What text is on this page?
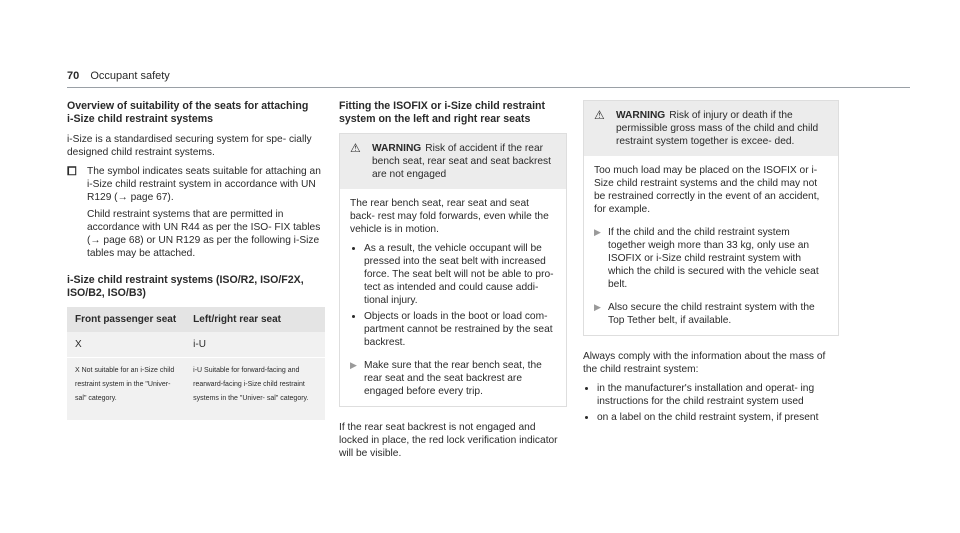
70 Occupant safety
Overview of suitability of the seats for attaching i‑Size child restraint systems

i-Size is a standardised securing system for spe- cially designed child restraint systems.

⧠	The symbol indicates seats suitable for attaching an i-Size child restraint system in accordance with UN R129 (→ page 67).

Child restraint systems that are permitted in accordance with UN R44 as per the ISO- FIX tables (→ page 68) or UN R129 as per the following i-Size tables may be attached.

i-Size child restraint systems (ISO/R2, ISO/F2X, ISO/B2, ISO/B3)
Front passenger seat	Left/right rear seat
X	i-U
X Not suitable for an i-Size child restraint system in the "Univer- sal" category.	i-U Suitable for forward-facing and rearward-facing i-Size child restraint systems in the "Univer- sal" category.
Fitting the ISOFIX or i-Size child restraint system on the left and right rear seats
⚠	WARNING Risk of accident if the rear bench seat, rear seat and seat backrest are not engaged

The rear bench seat, rear seat and seat back- rest may fold forwards, even while the vehicle is in motion.

• As a result, the vehicle occupant will be pressed into the seat belt with increased force. The seat belt will not be able to pro- tect as intended and could cause addi- tional injury.
• Objects or loads in the boot or load com- partment cannot be restrained by the seat backrest.
▶ Make sure that the rear bench seat, the rear seat and the seat backrest are engaged before every trip.

If the rear seat backrest is not engaged and locked in place, the red lock verification indicator will be visible.

⚠	WARNING Risk of injury or death if the permissible gross mass of the child and child restraint system together is excee- ded.

Too much load may be placed on the ISOFIX or i-Size child restraint systems and the child may not be restrained correctly in the event of an accident, for example.

▶ If the child and the child restraint system together weigh more than 33 kg, only use an ISOFIX or i-Size child restraint system with which the child is secured with the vehicle seat belt.
▶ Also secure the child restraint system with the Top Tether belt, if available.

Always comply with the information about the mass of the child restraint system:

• in the manufacturer's installation and operat- ing instructions for the child restraint system used
• on a label on the child restraint system, if present
